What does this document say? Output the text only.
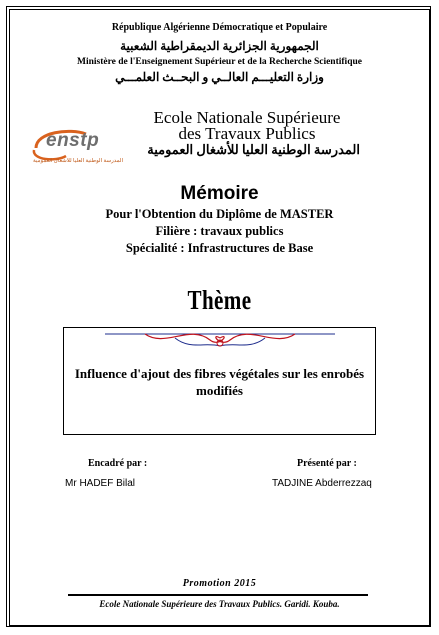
République Algérienne Démocratique et Populaire
الجمهورية الجزائرية الديمقراطية الشعبية
Ministère de l'Enseignement Supérieur et de la Recherche Scientifique
وزارة التعليـــم العالــي و البحــث العلمـــي
enstp
المدرسة الوطنية العليا للأشغال العمومية
Ecole Nationale Supérieure
des Travaux Publics
المدرسة الوطنية العليا للأشغال العمومية
Mémoire
Pour l'Obtention du Diplôme de MASTER
Filière : travaux publics
Spécialité : Infrastructures de Base
Thème
Influence d'ajout des fibres végétales sur les enrobés modifiés
Encadré par :	Présenté par :
Mr HADEF Bilal	TADJINE Abderrezzaq
Promotion 2015
Ecole Nationale Supérieure des Travaux Publics. Garidi. Kouba.
